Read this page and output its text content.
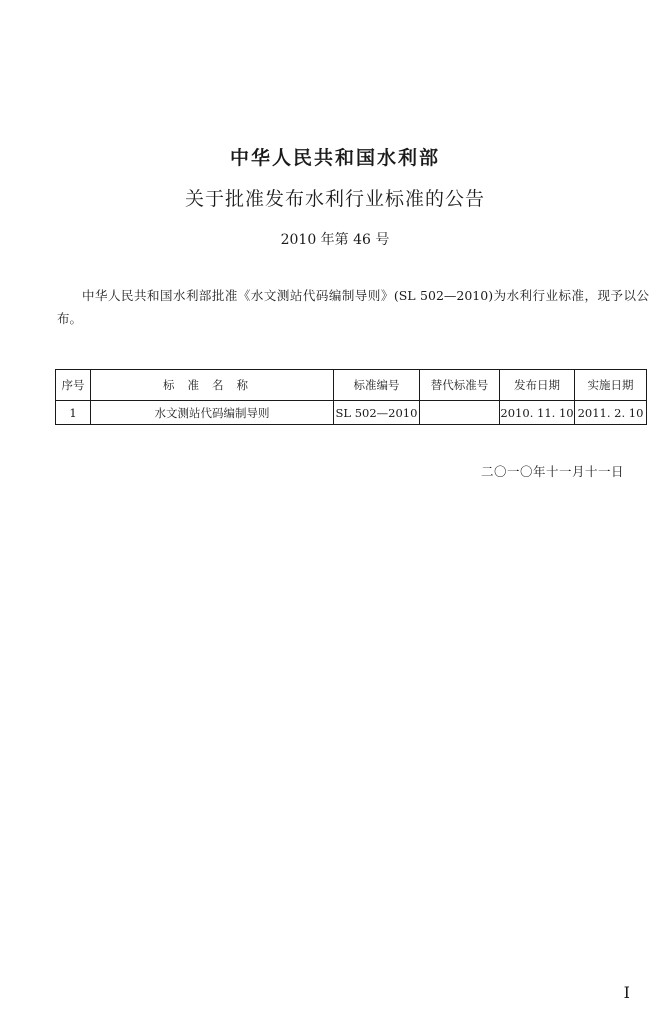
中华人民共和国水利部
关于批准发布水利行业标准的公告
2010 年第 46 号
中华人民共和国水利部批准《水文测站代码编制导则》(SL 502—2010)为水利行业标准，现予以公布。
序号	标准名称	标准编号	替代标准号	发布日期	实施日期
1	水文测站代码编制导则	SL 502—2010		2010. 11. 10	2011. 2. 10
二〇一〇年十一月十一日
I
